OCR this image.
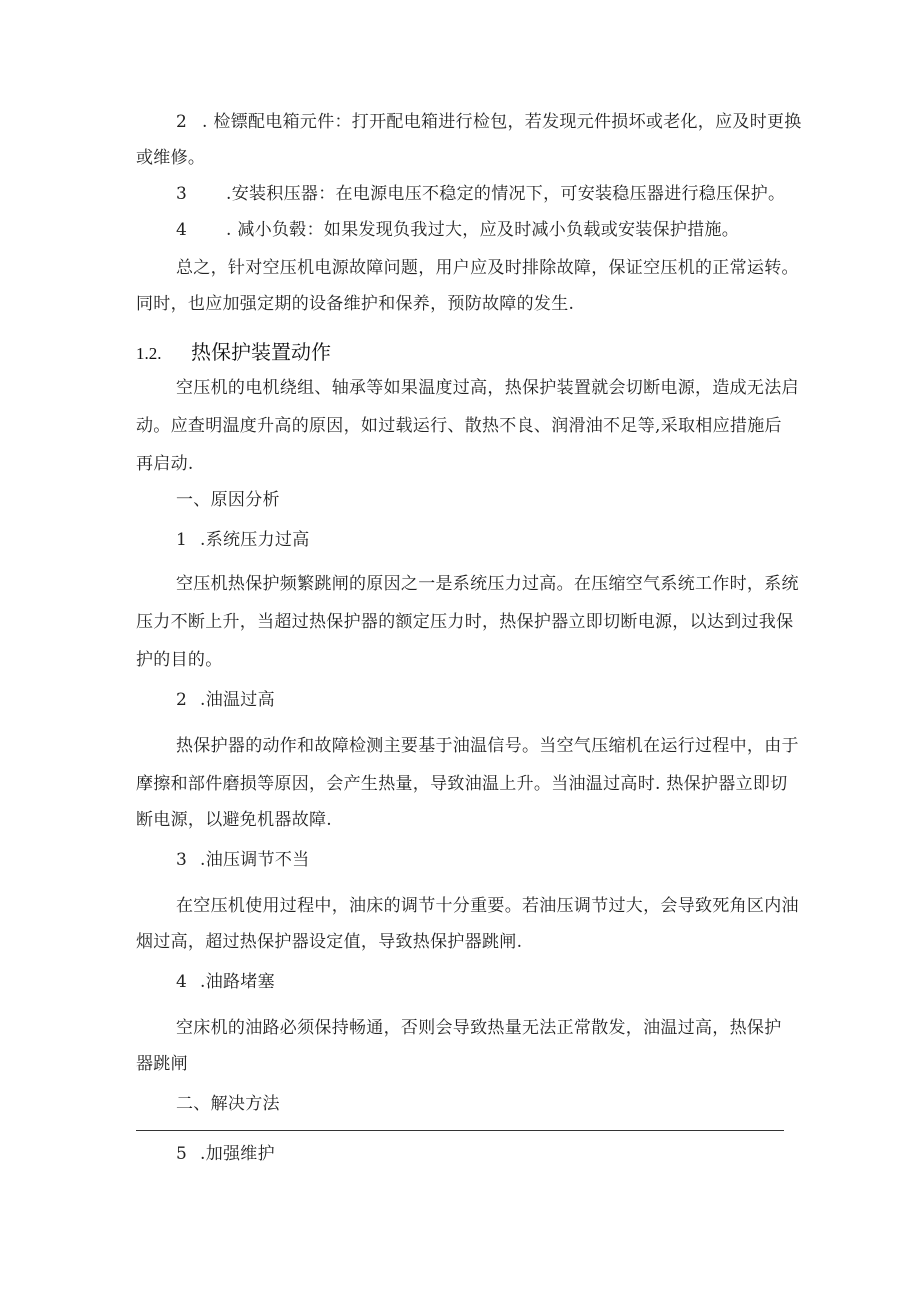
2 . 检镖配电箱元件：打开配电箱进行检包，若发现元件损坏或老化，应及时更换
或维修。
3 .安装积压器：在电源电压不稳定的情况下，可安装稳压器进行稳压保护。
4 . 减小负毂：如果发现负我过大，应及时减小负载或安装保护措施。
总之，针对空压机电源故障问题，用户应及时排除故障，保证空压机的正常运转。
同时，也应加强定期的设备维护和保养，预防故障的发生.
1.2. 热保护装置动作
空压机的电机绕组、轴承等如果温度过高，热保护装置就会切断电源，造成无法启
动。应查明温度升高的原因，如过载运行、散热不良、润滑油不足等,采取相应措施后
再启动.
一、原因分析
1 .系统压力过高
空压机热保护频繁跳闸的原因之一是系统压力过高。在压缩空气系统工作时，系统
压力不断上升，当超过热保护器的额定压力时，热保护器立即切断电源，以达到过我保
护的目的。
2 .油温过高
热保护器的动作和故障检测主要基于油温信号。当空气压缩机在运行过程中，由于
摩擦和部件磨损等原因，会产生热量，导致油温上升。当油温过高时. 热保护器立即切
断电源，以避免机器故障.
3 .油压调节不当
在空压机使用过程中，油床的调节十分重要。若油压调节过大，会导致死角区内油
烟过高，超过热保护器设定值，导致热保护器跳闸.
4 .油路堵塞
空床机的油路必须保持畅通，否则会导致热量无法正常散发，油温过高，热保护
器跳闸
二、解决方法
5 .加强维护
